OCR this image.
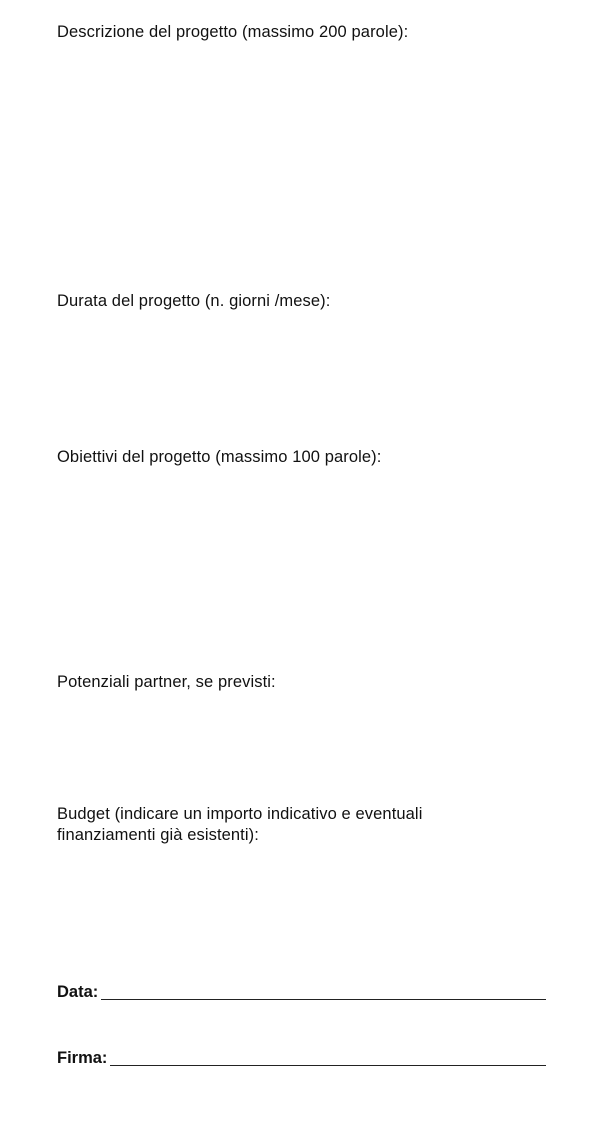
Descrizione del progetto (massimo 200 parole):

Durata del progetto (n. giorni /mese):

Obiettivi del progetto (massimo 100 parole):

Potenziali partner, se previsti:

Budget (indicare un importo indicativo e eventuali
finanziamenti già esistenti):
Data:
Firma:
